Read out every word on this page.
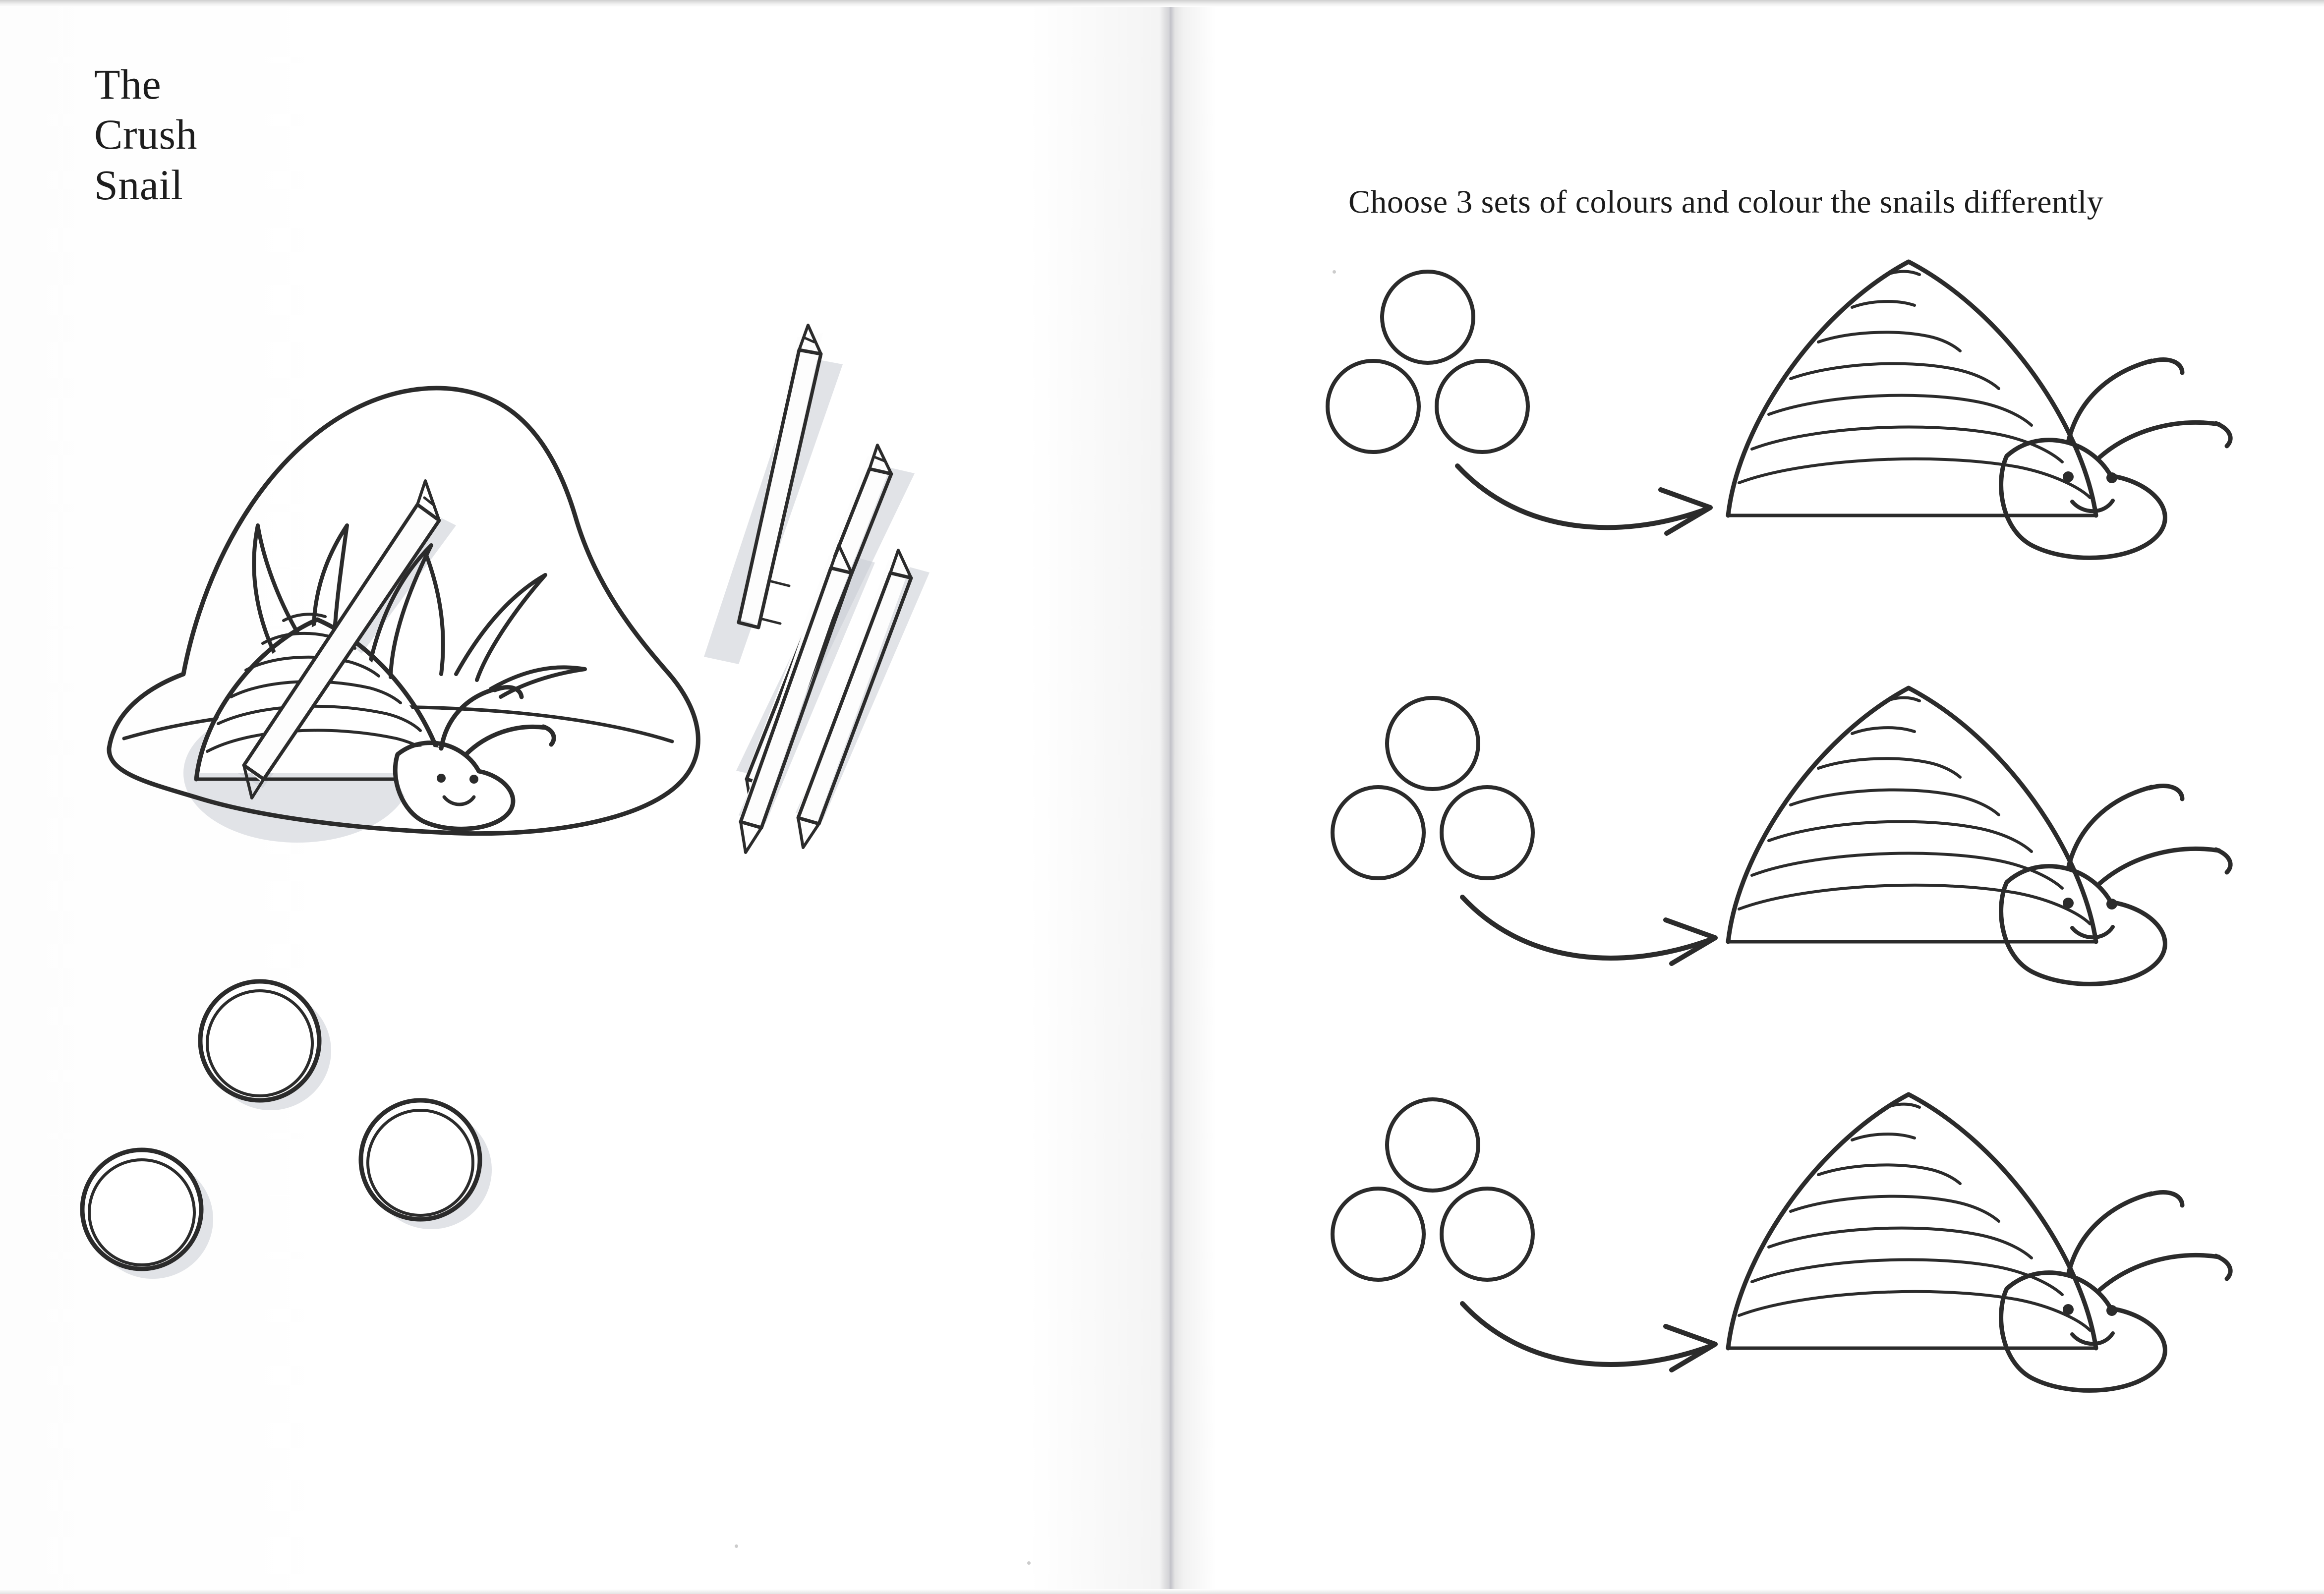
The
Crush
Snail	Choose 3 sets of colours and colour the snails differently
